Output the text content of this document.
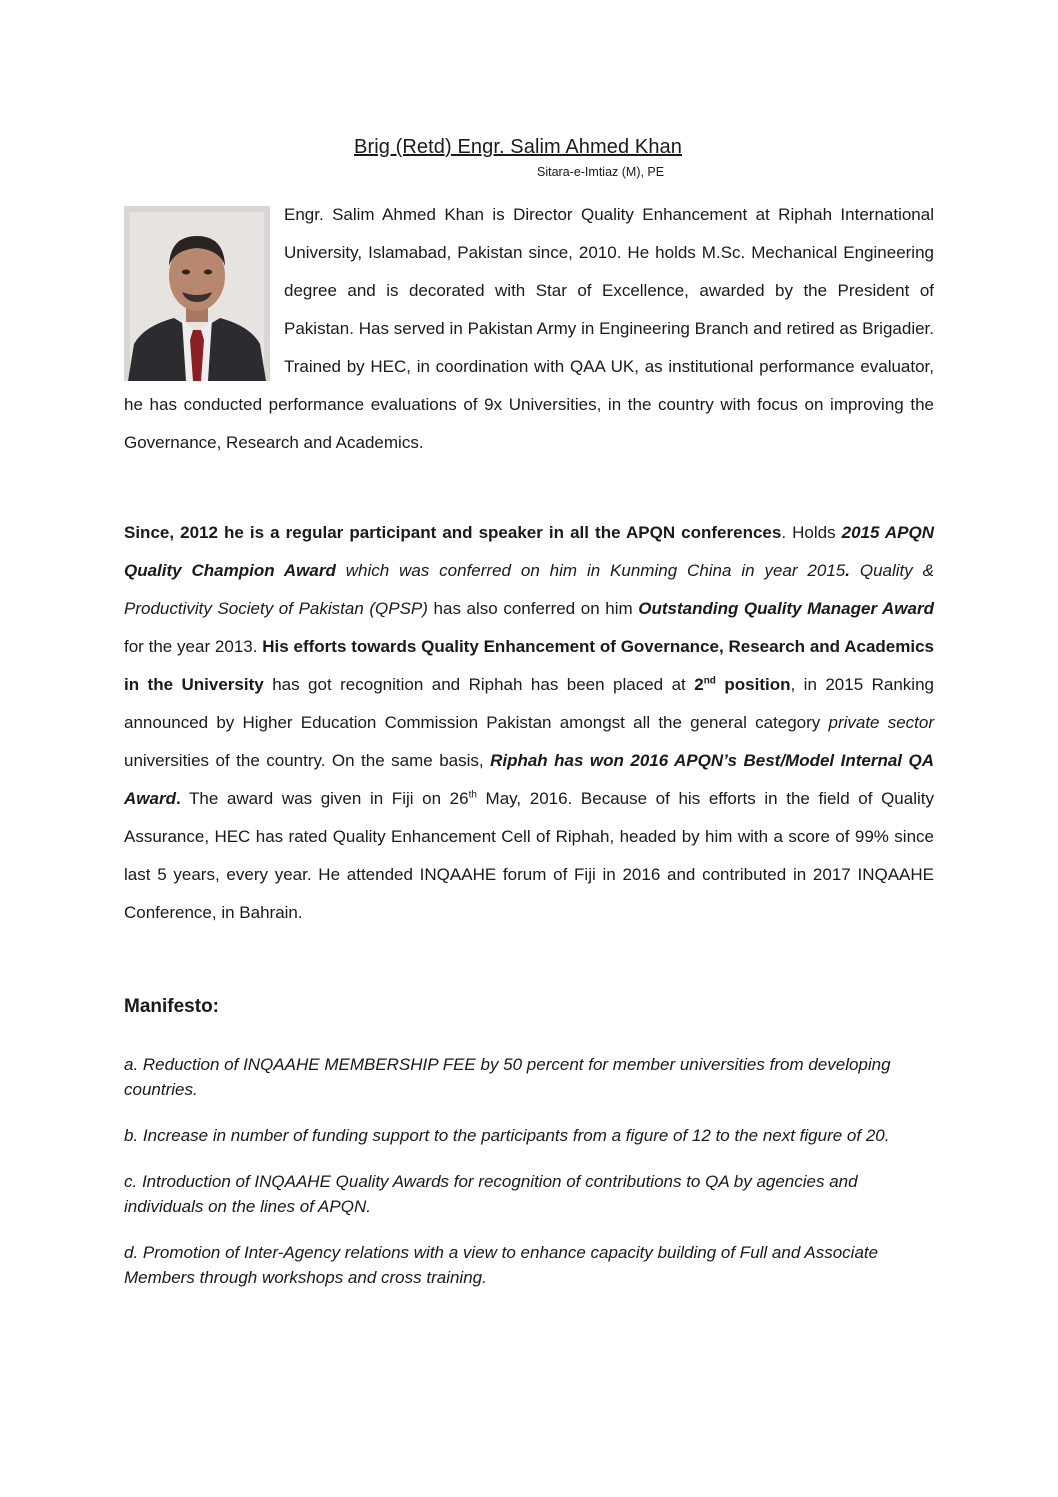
Brig (Retd) Engr. Salim Ahmed Khan

Sitara-e-Imtiaz (M), PE

Engr. Salim Ahmed Khan is Director Quality Enhancement at Riphah International University, Islamabad, Pakistan since, 2010. He holds M.Sc. Mechanical Engineering degree and is decorated with Star of Excellence, awarded by the President of Pakistan. Has served in Pakistan Army in Engineering Branch and retired as Brigadier. Trained by HEC, in coordination with QAA UK, as institutional performance evaluator, he has conducted performance evaluations of 9x Universities, in the country with focus on improving the Governance, Research and Academics.

Since, 2012 he is a regular participant and speaker in all the APQN conferences. Holds 2015 APQN Quality Champion Award which was conferred on him in Kunming China in year 2015. Quality & Productivity Society of Pakistan (QPSP) has also conferred on him Outstanding Quality Manager Award for the year 2013. His efforts towards Quality Enhancement of Governance, Research and Academics in the University has got recognition and Riphah has been placed at 2nd position, in 2015 Ranking announced by Higher Education Commission Pakistan amongst all the general category private sector universities of the country. On the same basis, Riphah has won 2016 APQN’s Best/Model Internal QA Award. The award was given in Fiji on 26th May, 2016. Because of his efforts in the field of Quality Assurance, HEC has rated Quality Enhancement Cell of Riphah, headed by him with a score of 99% since last 5 years, every year. He attended INQAAHE forum of Fiji in 2016 and contributed in 2017 INQAAHE Conference, in Bahrain.

Manifesto:
a. Reduction of INQAAHE MEMBERSHIP FEE by 50 percent for member universities from developing countries.
b. Increase in number of funding support to the participants from a figure of 12 to the next figure of 20.
c. Introduction of INQAAHE Quality Awards for recognition of contributions to QA by agencies and individuals on the lines of APQN.
d. Promotion of Inter-Agency relations with a view to enhance capacity building of Full and Associate Members through workshops and cross training.
